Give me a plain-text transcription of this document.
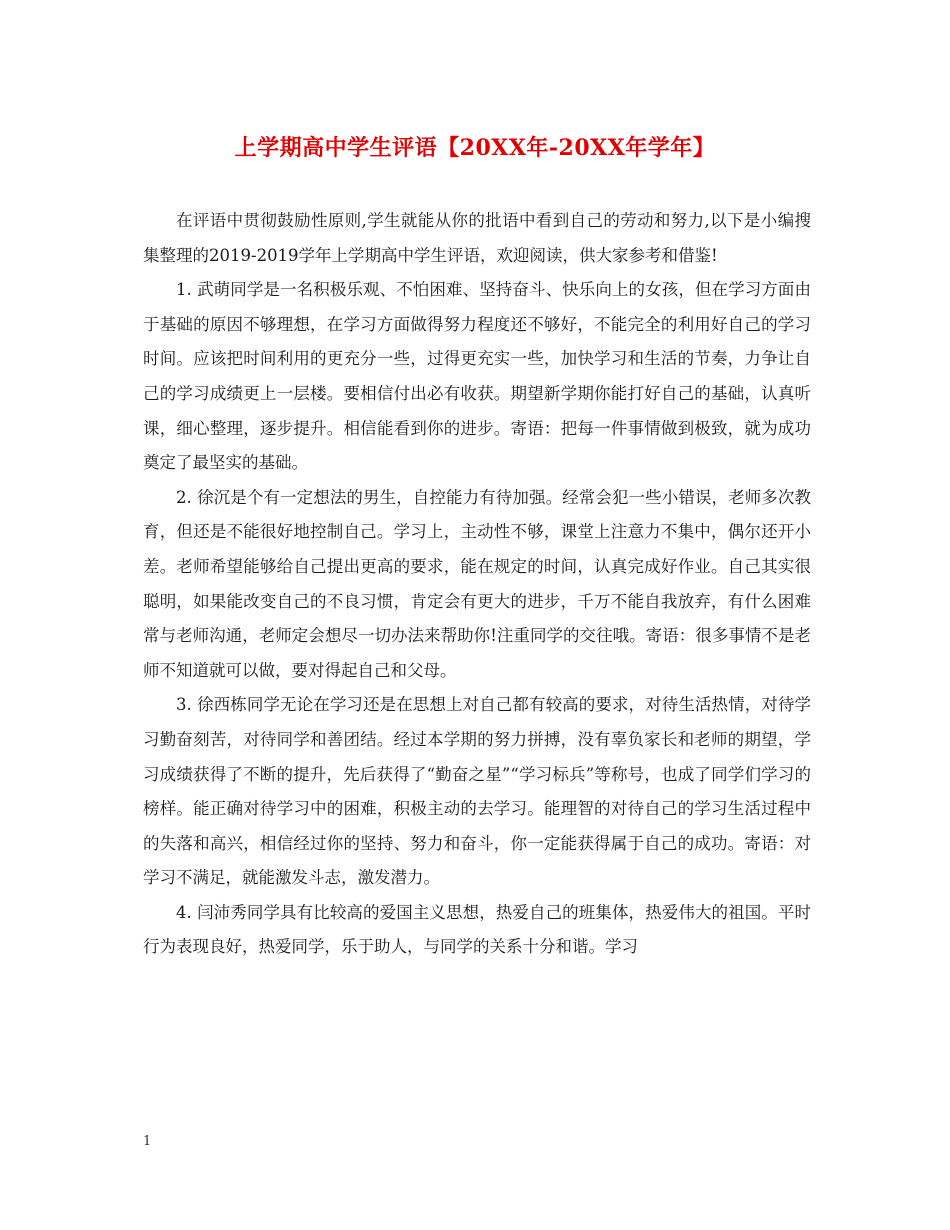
上学期高中学生评语【20XX年-20XX年学年】

在评语中贯彻鼓励性原则,学生就能从你的批语中看到自己的劳动和努力,以下是小编搜集整理的2019-2019学年上学期高中学生评语，欢迎阅读，供大家参考和借鉴!

1. 武萌同学是一名积极乐观、不怕困难、坚持奋斗、快乐向上的女孩，但在学习方面由于基础的原因不够理想，在学习方面做得努力程度还不够好，不能完全的利用好自己的学习时间。应该把时间利用的更充分一些，过得更充实一些，加快学习和生活的节奏，力争让自己的学习成绩更上一层楼。要相信付出必有收获。期望新学期你能打好自己的基础，认真听课，细心整理，逐步提升。相信能看到你的进步。寄语：把每一件事情做到极致，就为成功奠定了最坚实的基础。

2. 徐沉是个有一定想法的男生，自控能力有待加强。经常会犯一些小错误，老师多次教育，但还是不能很好地控制自己。学习上，主动性不够，课堂上注意力不集中，偶尔还开小差。老师希望能够给自己提出更高的要求，能在规定的时间，认真完成好作业。自己其实很聪明，如果能改变自己的不良习惯，肯定会有更大的进步，千万不能自我放弃，有什么困难常与老师沟通，老师定会想尽一切办法来帮助你!注重同学的交往哦。寄语：很多事情不是老师不知道就可以做，要对得起自己和父母。

3. 徐西栋同学无论在学习还是在思想上对自己都有较高的要求，对待生活热情，对待学习勤奋刻苦，对待同学和善团结。经过本学期的努力拼搏，没有辜负家长和老师的期望，学习成绩获得了不断的提升，先后获得了“勤奋之星”“学习标兵”等称号，也成了同学们学习的榜样。能正确对待学习中的困难，积极主动的去学习。能理智的对待自己的学习生活过程中的失落和高兴，相信经过你的坚持、努力和奋斗，你一定能获得属于自己的成功。寄语：对学习不满足，就能激发斗志，激发潜力。

4. 闫沛秀同学具有比较高的爱国主义思想，热爱自己的班集体，热爱伟大的祖国。平时行为表现良好，热爱同学，乐于助人，与同学的关系十分和谐。学习

1
